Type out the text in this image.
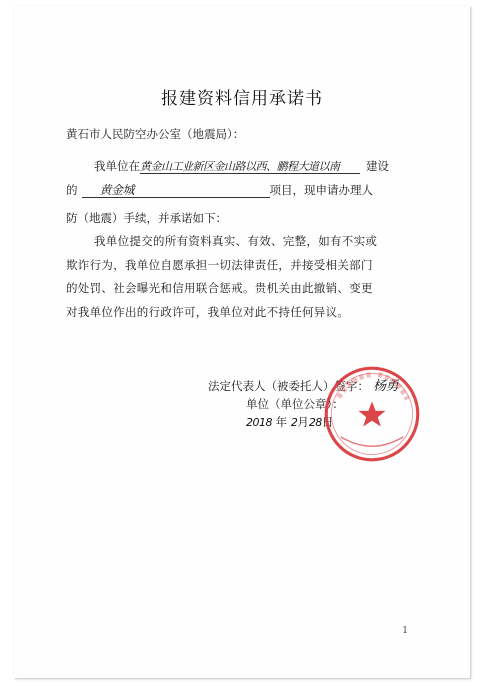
报建资料信用承诺书
黄石市人民防空办公室（地震局）：
我单位在黄金山工业新区金山路以西、鹏程大道以南 建设
的 黄金城	项目，现申请办理人
防（地震）手续，并承诺如下：
我单位提交的所有资料真实、有效、完整，如有不实或
欺诈行为，我单位自愿承担一切法律责任，并接受相关部门
的处罚、社会曝光和信用联合惩戒。贵机关由此撤销、变更
对我单位作出的行政许可，我单位对此不持任何异议。
法定代表人（被委托人）签字： 杨勇
单位（单位公章）：
2018 年 2月28日
1
